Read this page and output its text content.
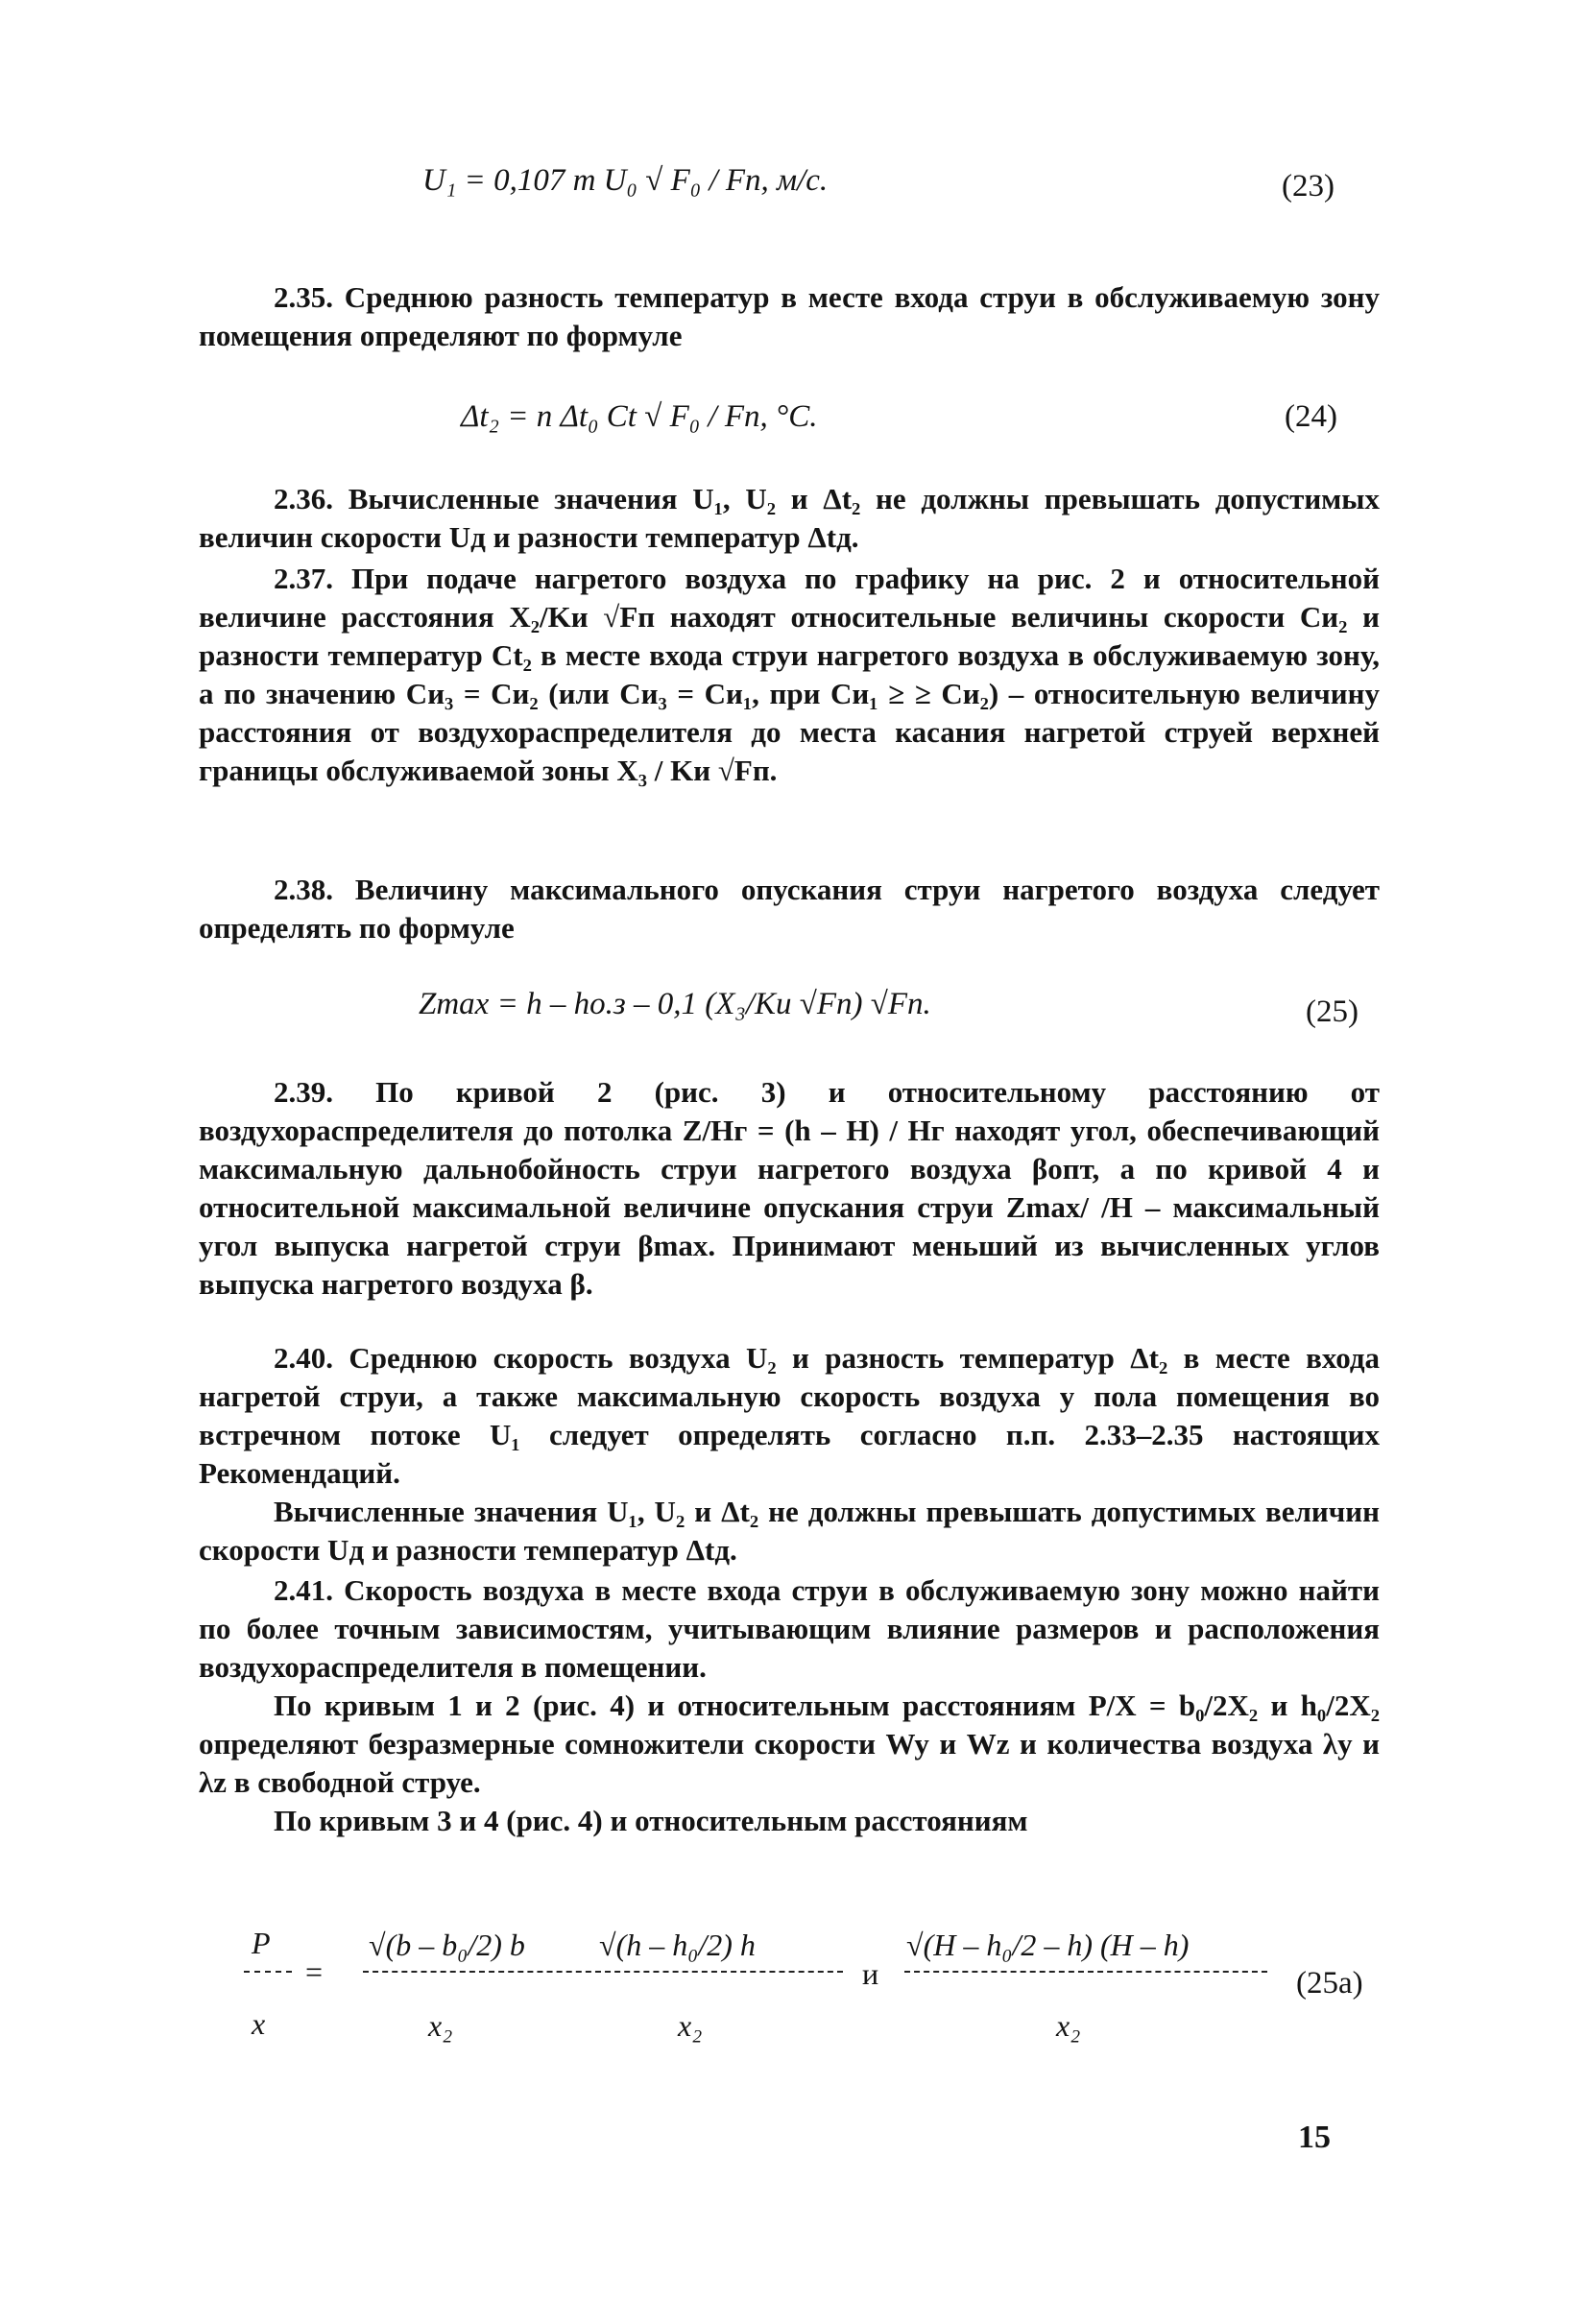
U₁ = 0,107 m U₀ √ F₀ / Fп, м/с.	(23)
2.35. Среднюю разность температур в месте входа струи в обслуживаемую зону помещения определяют по формуле
Δt₂ = n Δt₀ Ct √ F₀ / Fп, °С.	(24)
2.36. Вычисленные значения U₁, U₂ и Δt₂ не должны превышать допустимых величин скорости Uд и разности температур Δtд.
2.37. При подаче нагретого воздуха по графику на рис. 2 и относительной величине расстояния X₂/Kи √Fп находят относительные величины скорости Cи₂ и разности температур Ct₂ в месте входа струи нагретого воздуха в обслуживаемую зону, а по значению Cи₃ = Cи₂ (или Cи₃ = Cи₁, при Cи₁ ≥ ≥ Cи₂) – относительную величину расстояния от воздухораспределителя до места касания нагретой струей верхней границы обслуживаемой зоны X₃ / Kи √Fп.
2.38. Величину максимального опускания струи нагретого воздуха следует определять по формуле
Zmax = h – hо.з – 0,1 (X₃/Kи √Fп) √Fп.	(25)
2.39. По кривой 2 (рис. 3) и относительному расстоянию от воздухораспределителя до потолка Z/Hг = (h – H) / Hг находят угол, обеспечивающий максимальную дальнобойность струи нагретого воздуха βопт, а по кривой 4 и относительной максимальной величине опускания струи Zmax/ /H – максимальный угол выпуска нагретой струи βmax. Принимают меньший из вычисленных углов выпуска нагретого воздуха β.
2.40. Среднюю скорость воздуха U₂ и разность температур Δt₂ в месте входа нагретой струи, а также максимальную скорость воздуха у пола помещения во встречном потоке U₁ следует определять согласно п.п. 2.33–2.35 настоящих Рекомендаций.
Вычисленные значения U₁, U₂ и Δt₂ не должны превышать допустимых величин скорости Uд и разности температур Δtд.
2.41. Скорость воздуха в месте входа струи в обслуживаемую зону можно найти по более точным зависимостям, учитывающим влияние размеров и расположения воздухораспределителя в помещении.
По кривым 1 и 2 (рис. 4) и относительным расстояниям P/X = b₀/2X₂ и h₀/2X₂ определяют безразмерные сомножители скорости Wy и Wz и количества воздуха λy и λz в свободной струе.
По кривым 3 и 4 (рис. 4) и относительным расстояниям
P
x
=
√(b – b₀/2) b √(h – h₀/2) h
x₂	x₂
и
√(H – h₀/2 – h) (H – h)
x₂
(25а)
15
